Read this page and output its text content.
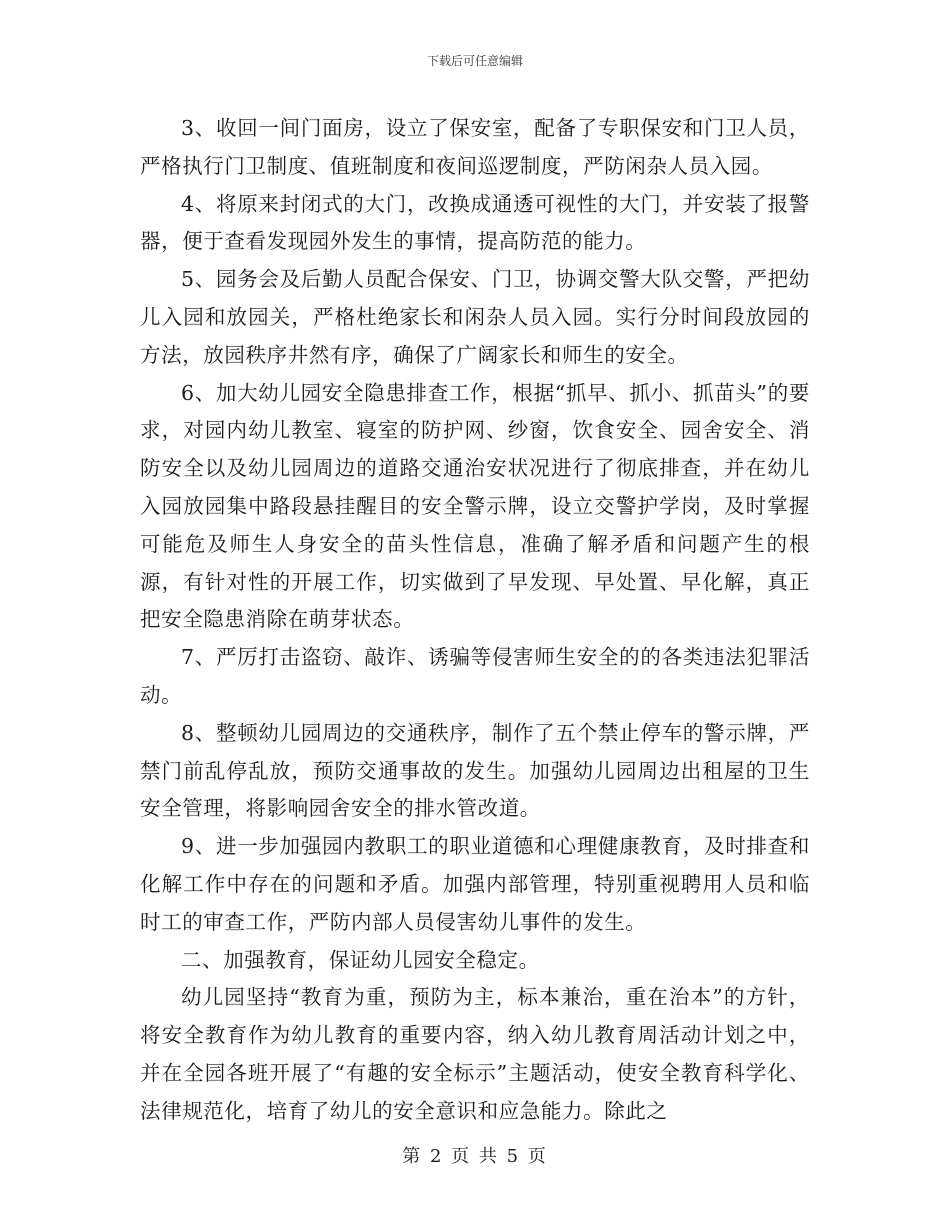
下载后可任意编辑

3、收回一间门面房，设立了保安室，配备了专职保安和门卫人员，严格执行门卫制度、值班制度和夜间巡逻制度，严防闲杂人员入园。

4、将原来封闭式的大门，改换成通透可视性的大门，并安装了报警器，便于查看发现园外发生的事情，提高防范的能力。

5、园务会及后勤人员配合保安、门卫，协调交警大队交警，严把幼儿入园和放园关，严格杜绝家长和闲杂人员入园。实行分时间段放园的方法，放园秩序井然有序，确保了广阔家长和师生的安全。

6、加大幼儿园安全隐患排查工作，根据“抓早、抓小、抓苗头”的要求，对园内幼儿教室、寝室的防护网、纱窗，饮食安全、园舍安全、消防安全以及幼儿园周边的道路交通治安状况进行了彻底排查，并在幼儿入园放园集中路段悬挂醒目的安全警示牌，设立交警护学岗，及时掌握可能危及师生人身安全的苗头性信息，准确了解矛盾和问题产生的根源，有针对性的开展工作，切实做到了早发现、早处置、早化解，真正把安全隐患消除在萌芽状态。

7、严厉打击盗窃、敲诈、诱骗等侵害师生安全的的各类违法犯罪活动。

8、整顿幼儿园周边的交通秩序，制作了五个禁止停车的警示牌，严禁门前乱停乱放，预防交通事故的发生。加强幼儿园周边出租屋的卫生安全管理，将影响园舍安全的排水管改道。

9、进一步加强园内教职工的职业道德和心理健康教育，及时排查和化解工作中存在的问题和矛盾。加强内部管理，特别重视聘用人员和临时工的审查工作，严防内部人员侵害幼儿事件的发生。

二、加强教育，保证幼儿园安全稳定。

幼儿园坚持“教育为重，预防为主，标本兼治，重在治本”的方针，将安全教育作为幼儿教育的重要内容，纳入幼儿教育周活动计划之中，并在全园各班开展了“有趣的安全标示”主题活动，使安全教育科学化、法律规范化，培育了幼儿的安全意识和应急能力。除此之

第 2 页 共 5 页
